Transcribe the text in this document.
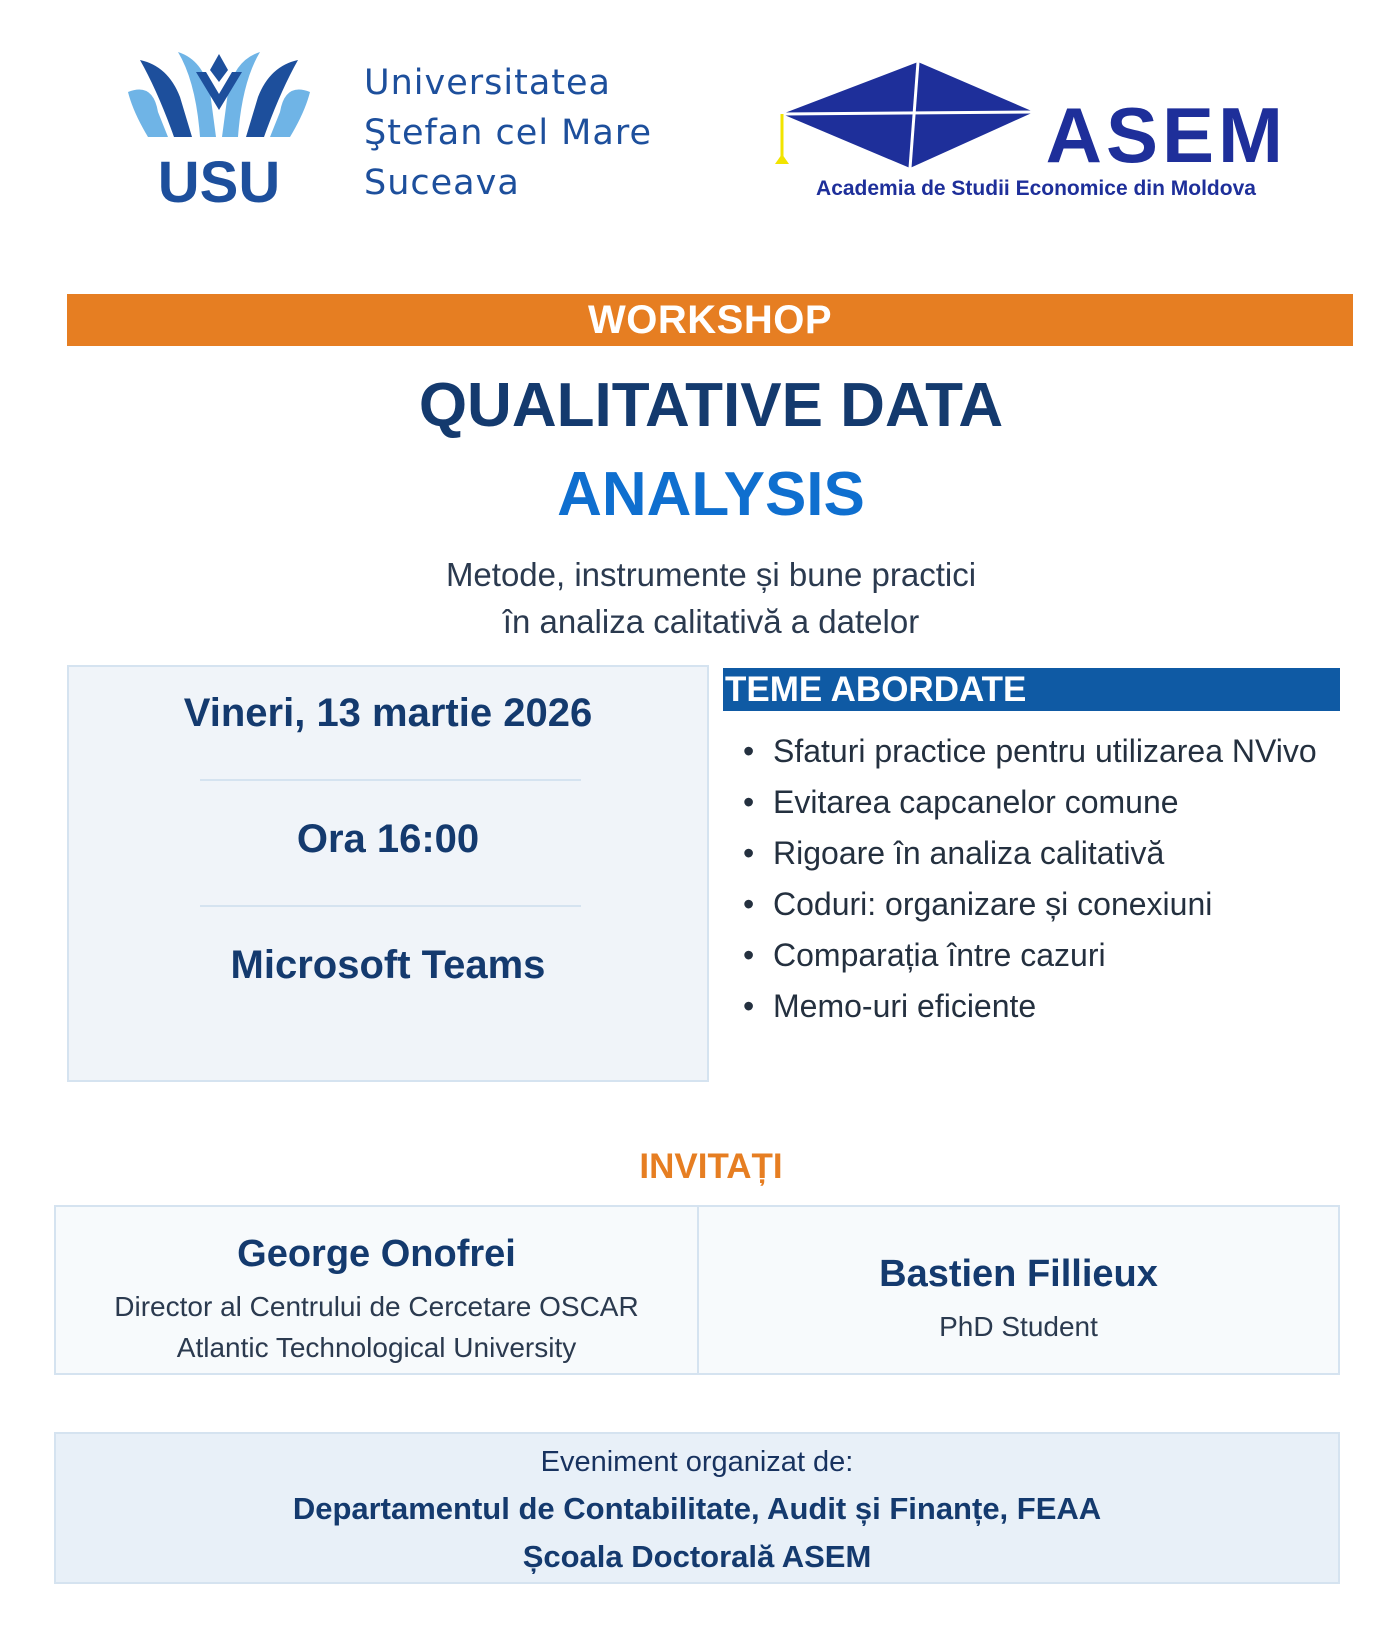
USU
Universitatea
Ştefan cel Mare
Suceava
ASEM
Academia de Studii Economice din Moldova
WORKSHOP
QUALITATIVE DATA
ANALYSIS
Metode, instrumente și bune practici
în analiza calitativă a datelor
Vineri, 13 martie 2026
Ora 16:00
Microsoft Teams
TEME ABORDATE
• Sfaturi practice pentru utilizarea NVivo
• Evitarea capcanelor comune
• Rigoare în analiza calitativă
• Coduri: organizare și conexiuni
• Comparația între cazuri
• Memo-uri eficiente
INVITAȚI
George Onofrei
Director al Centrului de Cercetare OSCAR
Atlantic Technological University
Bastien Fillieux
PhD Student
Eveniment organizat de:
Departamentul de Contabilitate, Audit și Finanțe, FEAA
Școala Doctorală ASEM
